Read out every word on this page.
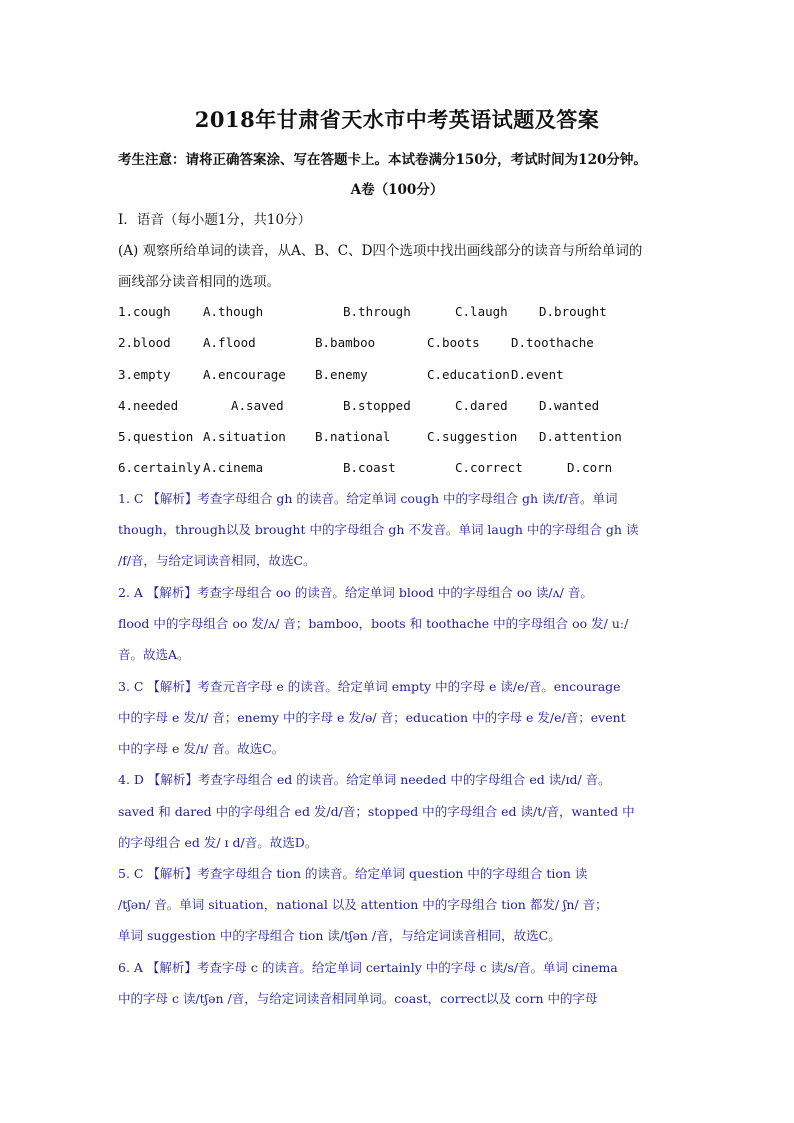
2018年甘肃省天水市中考英语试题及答案
考生注意：请将正确答案涂、写在答题卡上。本试卷满分150分，考试时间为120分钟。
A卷（100分）
Ⅰ．语音（每小题1分，共10分）
(A) 观察所给单词的读音，从A、B、C、D四个选项中找出画线部分的读音与所给单词的
画线部分读音相同的选项。
1.cough	A.though	B.through	C.laugh	D.brought
2.blood	A.flood	B.bamboo	C.boots	D.toothache
3.empty	A.encourage B.enemy	C.education D.event
4.needed	A.saved	B.stopped	C.dared	D.wanted
5.question A.situation B.national	C.suggestion D.attention
6.certainly A.cinema	B.coast	C.correct	D.corn
1. C 【解析】考查字母组合 gh 的读音。给定单词 cough 中的字母组合 gh 读/f/音。单词
though，through以及 brought 中的字母组合 gh 不发音。单词 laugh 中的字母组合 gh 读
/f/音，与给定词读音相同，故选C。
2. A 【解析】考查字母组合 oo 的读音。给定单词 blood 中的字母组合 oo 读/ʌ/ 音。
flood 中的字母组合 oo 发/ʌ/ 音；bamboo，boots 和 toothache 中的字母组合 oo 发/ uː/
音。故选A。
3. C 【解析】考查元音字母 e 的读音。给定单词 empty 中的字母 e 读/e/音。encourage
中的字母 e 发/ɪ/ 音；enemy 中的字母 e 发/ə/ 音；education 中的字母 e 发/e/音；event
中的字母 e 发/ɪ/ 音。故选C。
4. D 【解析】考查字母组合 ed 的读音。给定单词 needed 中的字母组合 ed 读/ɪd/ 音。
saved 和 dared 中的字母组合 ed 发/d/音；stopped 中的字母组合 ed 读/t/音，wanted 中
的字母组合 ed 发/ ɪ d/音。故选D。
5. C 【解析】考查字母组合 tion 的读音。给定单词 question 中的字母组合 tion 读
/tʃən/ 音。单词 situation，national 以及 attention 中的字母组合 tion 都发/ ʃn/ 音；
单词 suggestion 中的字母组合 tion 读/tʃən /音，与给定词读音相同，故选C。
6. A 【解析】考查字母 c 的读音。给定单词 certainly 中的字母 c 读/s/音。单词 cinema
中的字母 c 读/tʃən /音，与给定词读音相同单词。coast，correct以及 corn 中的字母
